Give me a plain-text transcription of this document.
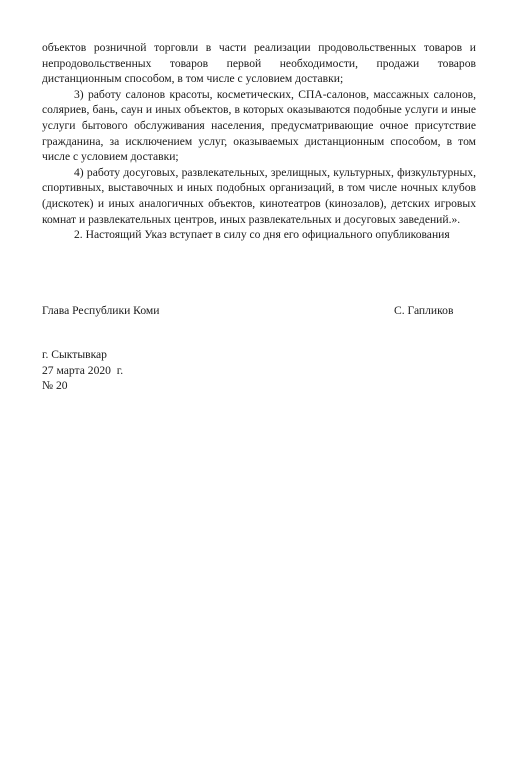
объектов розничной торговли в части реализации продовольственных товаров и непродовольственных товаров первой необходимости, продажи товаров дистанционным способом, в том числе с условием доставки;

3) работу салонов красоты, косметических, СПА-салонов, массажных салонов, соляриев, бань, саун и иных объектов, в которых оказываются подобные услуги и иные услуги бытового обслуживания населения, предусматривающие очное присутствие гражданина, за исключением услуг, оказываемых дистанционным способом, в том числе с условием доставки;

4) работу досуговых, развлекательных, зрелищных, культурных, физкультурных, спортивных, выставочных и иных подобных организаций, в том числе ночных клубов (дискотек) и иных аналогичных объектов, кинотеатров (кинозалов), детских игровых комнат и развлекательных центров, иных развлекательных и досуговых заведений.».

2. Настоящий Указ вступает в силу со дня его официального опубликования

Глава Республики Коми	С. Гапликов
г. Сыктывкар
27 марта 2020  г.
№ 20
